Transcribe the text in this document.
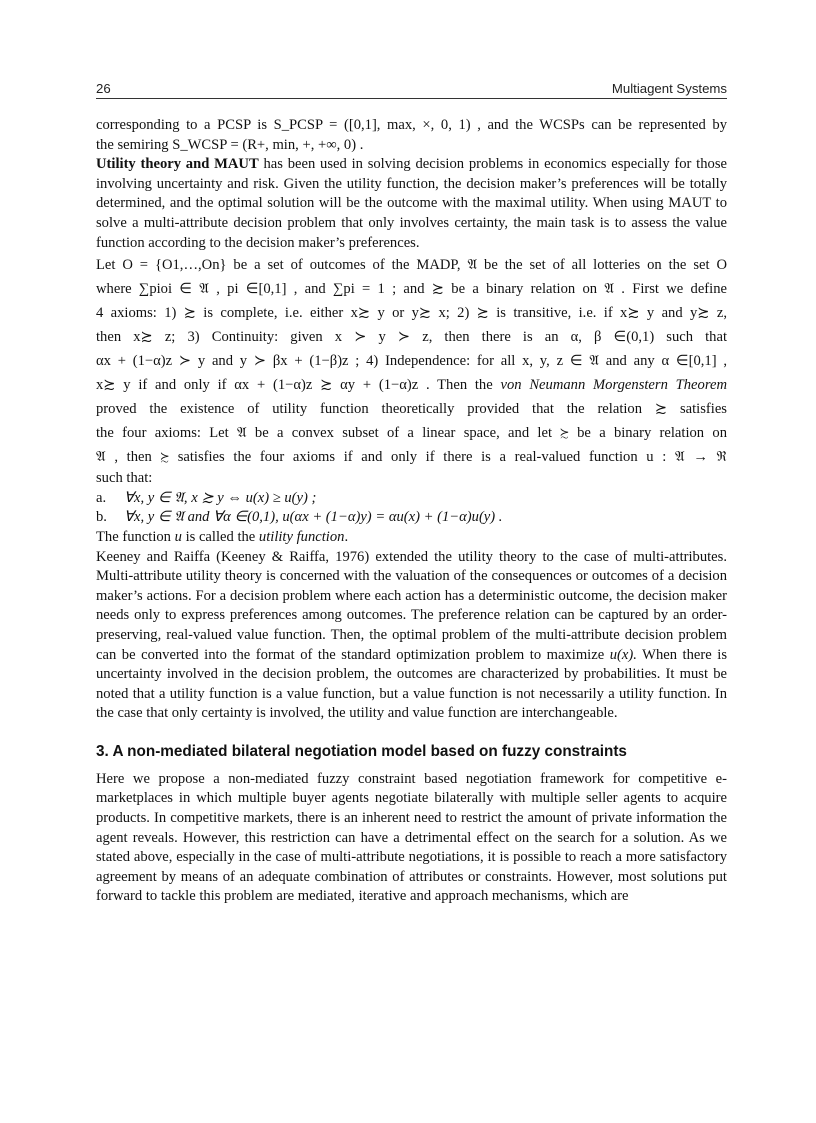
26	Multiagent Systems
corresponding to a PCSP is S_PCSP = ([0,1], max, ×, 0, 1) , and the WCSPs can be represented by
the semiring S_WCSP = (R+, min, +, +∞, 0) .

Utility theory and MAUT has been used in solving decision problems in economics especially for those involving uncertainty and risk. Given the utility function, the decision maker’s preferences will be totally determined, and the optimal solution will be the outcome with the maximal utility. When using MAUT to solve a multi-attribute decision problem that only involves certainty, the main task is to assess the value function according to the decision maker’s preferences.

Let O = {O1,…,On} be a set of outcomes of the MADP, 𝔄 be the set of all lotteries on the set O
where ∑pioi ∈ 𝔄 , pi ∈[0,1] , and ∑pi = 1 ; and ≿ be a binary relation on 𝔄 . First we define
4 axioms: 1) ≿ is complete, i.e. either x≿ y or y≿ x; 2) ≿ is transitive, i.e. if x≿ y and y≿ z,
then x≿ z; 3) Continuity: given x ≻ y ≻ z, then there is an α, β ∈(0,1) such that
αx + (1−α)z ≻ y and y ≻ βx + (1−β)z ; 4) Independence: for all x, y, z ∈ 𝔄 and any α ∈[0,1] ,
x≿ y if and only if αx + (1−α)z ≿ αy + (1−α)z . Then the von Neumann Morgenstern Theorem
proved the existence of utility function theoretically provided that the relation ≿ satisfies
the four axioms: Let 𝔄 be a convex subset of a linear space, and let ≿ be a binary relation on
𝔄 , then ≿ satisfies the four axioms if and only if there is a real-valued function u : 𝔄 → ℜ
such that:
a.	∀x, y ∈ 𝔄, x ≿ y ⇔ u(x) ≥ u(y) ;
b.	∀x, y ∈ 𝔄 and ∀α ∈(0,1), u(αx + (1−α)y) = αu(x) + (1−α)u(y) .

The function u is called the utility function.

Keeney and Raiffa (Keeney & Raiffa, 1976) extended the utility theory to the case of multi-attributes. Multi-attribute utility theory is concerned with the valuation of the consequences or outcomes of a decision maker’s actions. For a decision problem where each action has a deterministic outcome, the decision maker needs only to express preferences among outcomes. The preference relation can be captured by an order-preserving, real-valued value function. Then, the optimal problem of the multi-attribute decision problem can be converted into the format of the standard optimization problem to maximize u(x). When there is uncertainty involved in the decision problem, the outcomes are characterized by probabilities. It must be noted that a utility function is a value function, but a value function is not necessarily a utility function. In the case that only certainty is involved, the utility and value function are interchangeable.

3. A non-mediated bilateral negotiation model based on fuzzy constraints

Here we propose a non-mediated fuzzy constraint based negotiation framework for competitive e-marketplaces in which multiple buyer agents negotiate bilaterally with multiple seller agents to acquire products. In competitive markets, there is an inherent need to restrict the amount of private information the agent reveals. However, this restriction can have a detrimental effect on the search for a solution. As we stated above, especially in the case of multi-attribute negotiations, it is possible to reach a more satisfactory agreement by means of an adequate combination of attributes or constraints. However, most solutions put forward to tackle this problem are mediated, iterative and approach mechanisms, which are
